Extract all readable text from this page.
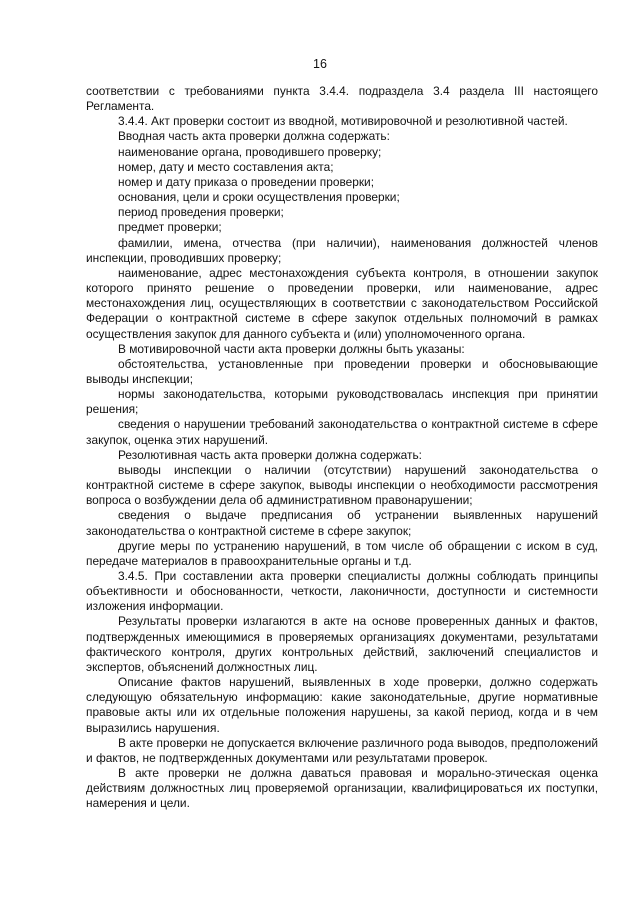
16

соответствии с требованиями пункта 3.4.4. подраздела 3.4 раздела III настоящего Регламента.

3.4.4. Акт проверки состоит из вводной, мотивировочной и резолютивной частей.

Вводная часть акта проверки должна содержать:

наименование органа, проводившего проверку;

номер, дату и место составления акта;

номер и дату приказа о проведении проверки;

основания, цели и сроки осуществления проверки;

период проведения проверки;

предмет проверки;

фамилии, имена, отчества (при наличии), наименования должностей членов инспекции, проводивших проверку;

наименование, адрес местонахождения субъекта контроля, в отношении закупок которого принято решение о проведении проверки, или наименование, адрес местонахождения лиц, осуществляющих в соответствии с законодательством Российской Федерации о контрактной системе в сфере закупок отдельных полномочий в рамках осуществления закупок для данного субъекта и (или) уполномоченного органа.

В мотивировочной части акта проверки должны быть указаны:

обстоятельства, установленные при проведении проверки и обосновывающие выводы инспекции;

нормы законодательства, которыми руководствовалась инспекция при принятии решения;

сведения о нарушении требований законодательства о контрактной системе в сфере закупок, оценка этих нарушений.

Резолютивная часть акта проверки должна содержать:

выводы инспекции о наличии (отсутствии) нарушений законодательства о контрактной системе в сфере закупок, выводы инспекции о необходимости рассмотрения вопроса о возбуждении дела об административном правонарушении;

сведения о выдаче предписания об устранении выявленных нарушений законодательства о контрактной системе в сфере закупок;

другие меры по устранению нарушений, в том числе об обращении с иском в суд, передаче материалов в правоохранительные органы и т.д.

3.4.5. При составлении акта проверки специалисты должны соблюдать принципы объективности и обоснованности, четкости, лаконичности, доступности и системности изложения информации.

Результаты проверки излагаются в акте на основе проверенных данных и фактов, подтвержденных имеющимися в проверяемых организациях документами, результатами фактического контроля, других контрольных действий, заключений специалистов и экспертов, объяснений должностных лиц.

Описание фактов нарушений, выявленных в ходе проверки, должно содержать следующую обязательную информацию: какие законодательные, другие нормативные правовые акты или их отдельные положения нарушены, за какой период, когда и в чем выразились нарушения.

В акте проверки не допускается включение различного рода выводов, предположений и фактов, не подтвержденных документами или результатами проверок.

В акте проверки не должна даваться правовая и морально-этическая оценка действиям должностных лиц проверяемой организации, квалифицироваться их поступки, намерения и цели.
